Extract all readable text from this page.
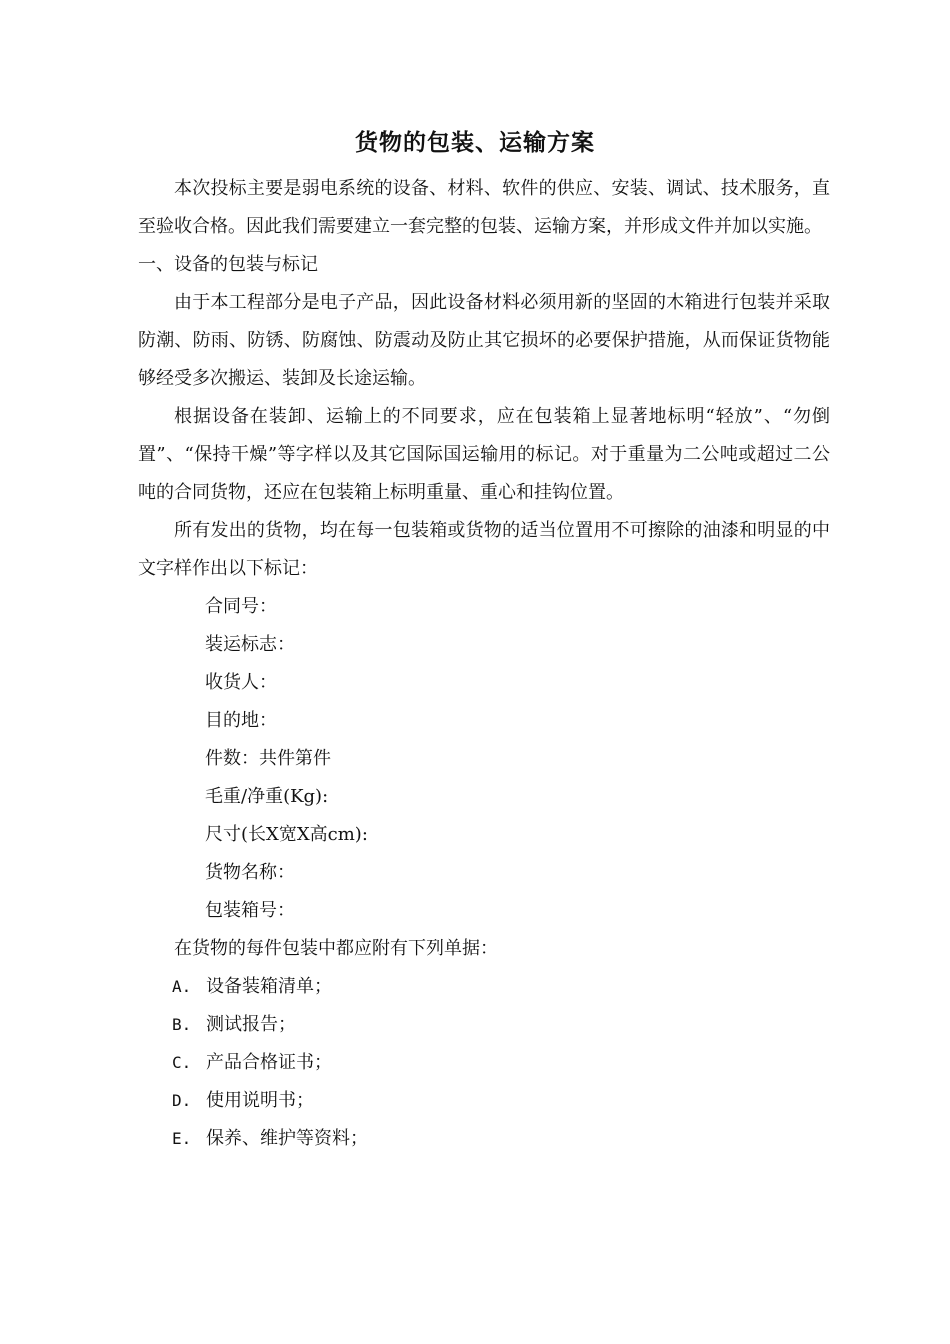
货物的包装、运输方案

本次投标主要是弱电系统的设备、材料、软件的供应、安装、调试、技术服务，直至验收合格。因此我们需要建立一套完整的包装、运输方案，并形成文件并加以实施。

一、设备的包装与标记

由于本工程部分是电子产品，因此设备材料必须用新的坚固的木箱进行包装并采取防潮、防雨、防锈、防腐蚀、防震动及防止其它损坏的必要保护措施，从而保证货物能够经受多次搬运、装卸及长途运输。

根据设备在装卸、运输上的不同要求，应在包装箱上显著地标明“轻放”、“勿倒置”、“保持干燥”等字样以及其它国际国运输用的标记。对于重量为二公吨或超过二公吨的合同货物，还应在包装箱上标明重量、重心和挂钩位置。

所有发出的货物，均在每一包装箱或货物的适当位置用不可擦除的油漆和明显的中文字样作出以下标记：

合同号：

装运标志：

收货人：

目的地：

件数：共件第件

毛重/净重(Kg):

尺寸(长X宽X高cm):

货物名称：

包装箱号：

在货物的每件包装中都应附有下列单据：

A. 设备装箱清单；

B. 测试报告；

C. 产品合格证书；

D. 使用说明书；

E. 保养、维护等资料；
